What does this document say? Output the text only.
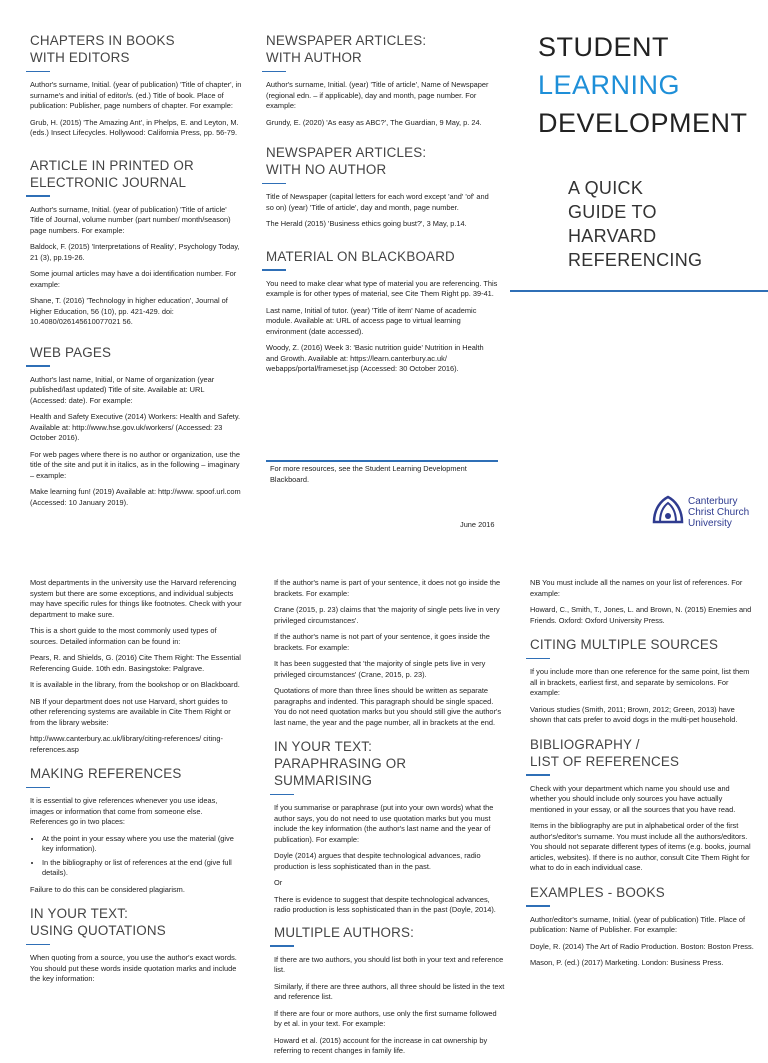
CHAPTERS IN BOOKS
WITH EDITORS

Author's surname, Initial. (year of publication) 'Title of chapter', in surname's and initial of editor/s. (ed.) Title of book. Place of publication: Publisher, page numbers of chapter. For example:

Grub, H. (2015) 'The Amazing Ant', in Phelps, E. and Leyton, M. (eds.) Insect Lifecycles. Hollywood: California Press, pp. 56-79.

ARTICLE IN PRINTED OR
ELECTRONIC JOURNAL

Author's surname, Initial. (year of publication) 'Title of article' Title of Journal, volume number (part number/ month/season) page numbers. For example:

Baldock, F. (2015) 'Interpretations of Reality', Psychology Today, 21 (3), pp.19-26.

Some journal articles may have a doi identification number. For example:

Shane, T. (2016) 'Technology in higher education', Journal of Higher Education, 56 (10), pp. 421-429. doi: 10.4080/026145610077021 56.

WEB PAGES

Author's last name, Initial, or Name of organization (year published/last updated) Title of site. Available at: URL (Accessed: date). For example:

Health and Safety Executive (2014) Workers: Health and Safety. Available at: http://www.hse.gov.uk/workers/ (Accessed: 23 October 2016).

For web pages where there is no author or organization, use the title of the site and put it in italics, as in the following – imaginary – example:

Make learning fun! (2019) Available at: http://www. spoof.url.com (Accessed: 10 January 2019).

NEWSPAPER ARTICLES:
WITH AUTHOR

Author's surname, Initial. (year) 'Title of article', Name of Newspaper (regional edn. – if applicable), day and month, page number. For example:

Grundy, E. (2020) 'As easy as ABC?', The Guardian, 9 May, p. 24.

NEWSPAPER ARTICLES:
WITH NO AUTHOR

Title of Newspaper (capital letters for each word except 'and' 'of' and so on) (year) 'Title of article', day and month, page number.

The Herald (2015) 'Business ethics going bust?', 3 May, p.14.

MATERIAL ON BLACKBOARD

You need to make clear what type of material you are referencing. This example is for other types of material, see Cite Them Right pp. 39-41.

Last name, Initial of tutor. (year) 'Title of item' Name of academic module. Available at: URL of access page to virtual learning environment (date accessed).

Woody, Z. (2016) Week 3: 'Basic nutrition guide' Nutrition in Health and Growth. Available at: https://learn.canterbury.ac.uk/ webapps/portal/frameset.jsp (Accessed: 30 October 2016).

For more resources, see the Student Learning Development Blackboard.

June 2016

STUDENT
LEARNING
DEVELOPMENT
A QUICK
GUIDE TO
HARVARD
REFERENCING
Canterbury
Christ Church
University

Most departments in the university use the Harvard referencing system but there are some exceptions, and individual subjects may have specific rules for things like footnotes. Check with your department to make sure.

This is a short guide to the most commonly used types of sources. Detailed information can be found in:

Pears, R. and Shields, G. (2016) Cite Them Right: The Essential Referencing Guide. 10th edn. Basingstoke: Palgrave.

It is available in the library, from the bookshop or on Blackboard.

NB If your department does not use Harvard, short guides to other referencing systems are available in Cite Them Right or from the library website:

http://www.canterbury.ac.uk/library/citing-references/ citing-references.asp

MAKING REFERENCES

It is essential to give references whenever you use ideas, images or information that come from someone else. References go in two places:

• At the point in your essay where you use the material (give key information).
• In the bibliography or list of references at the end (give full details).

Failure to do this can be considered plagiarism.

IN YOUR TEXT:
USING QUOTATIONS

When quoting from a source, you use the author's exact words. You should put these words inside quotation marks and include the key information:

If the author's name is part of your sentence, it does not go inside the brackets. For example:

Crane (2015, p. 23) claims that 'the majority of single pets live in very privileged circumstances'.

If the author's name is not part of your sentence, it goes inside the brackets. For example:

It has been suggested that 'the majority of single pets live in very privileged circumstances' (Crane, 2015, p. 23).

Quotations of more than three lines should be written as separate paragraphs and indented. This paragraph should be single spaced. You do not need quotation marks but you should still give the author's last name, the year and the page number, all in brackets at the end.

IN YOUR TEXT:
PARAPHRASING OR SUMMARISING

If you summarise or paraphrase (put into your own words) what the author says, you do not need to use quotation marks but you must include the key information (the author's last name and the year of publication). For example:

Doyle (2014) argues that despite technological advances, radio production is less sophisticated than in the past.

Or

There is evidence to suggest that despite technological advances, radio production is less sophisticated than in the past (Doyle, 2014).

MULTIPLE AUTHORS:

If there are two authors, you should list both in your text and reference list.

Similarly, if there are three authors, all three should be listed in the text and reference list.

If there are four or more authors, use only the first surname followed by et al. in your text. For example:

Howard et al. (2015) account for the increase in cat ownership by referring to recent changes in family life.

NB You must include all the names on your list of references. For example:

Howard, C., Smith, T., Jones, L. and Brown, N. (2015) Enemies and Friends. Oxford: Oxford University Press.

CITING MULTIPLE SOURCES

If you include more than one reference for the same point, list them all in brackets, earliest first, and separate by semicolons. For example:

Various studies (Smith, 2011; Brown, 2012; Green, 2013) have shown that cats prefer to avoid dogs in the multi-pet household.

BIBLIOGRAPHY /
LIST OF REFERENCES

Check with your department which name you should use and whether you should include only sources you have actually mentioned in your essay, or all the sources that you have read.

Items in the bibliography are put in alphabetical order of the first author's/editor's surname. You must include all the authors/editors. You should not separate different types of items (e.g. books, journal articles, websites). If there is no author, consult Cite Them Right for what to do in each individual case.

EXAMPLES - BOOKS

Author/editor's surname, Initial. (year of publication) Title. Place of publication: Name of Publisher. For example:

Doyle, R. (2014) The Art of Radio Production. Boston: Boston Press.

Mason, P. (ed.) (2017) Marketing. London: Business Press.
